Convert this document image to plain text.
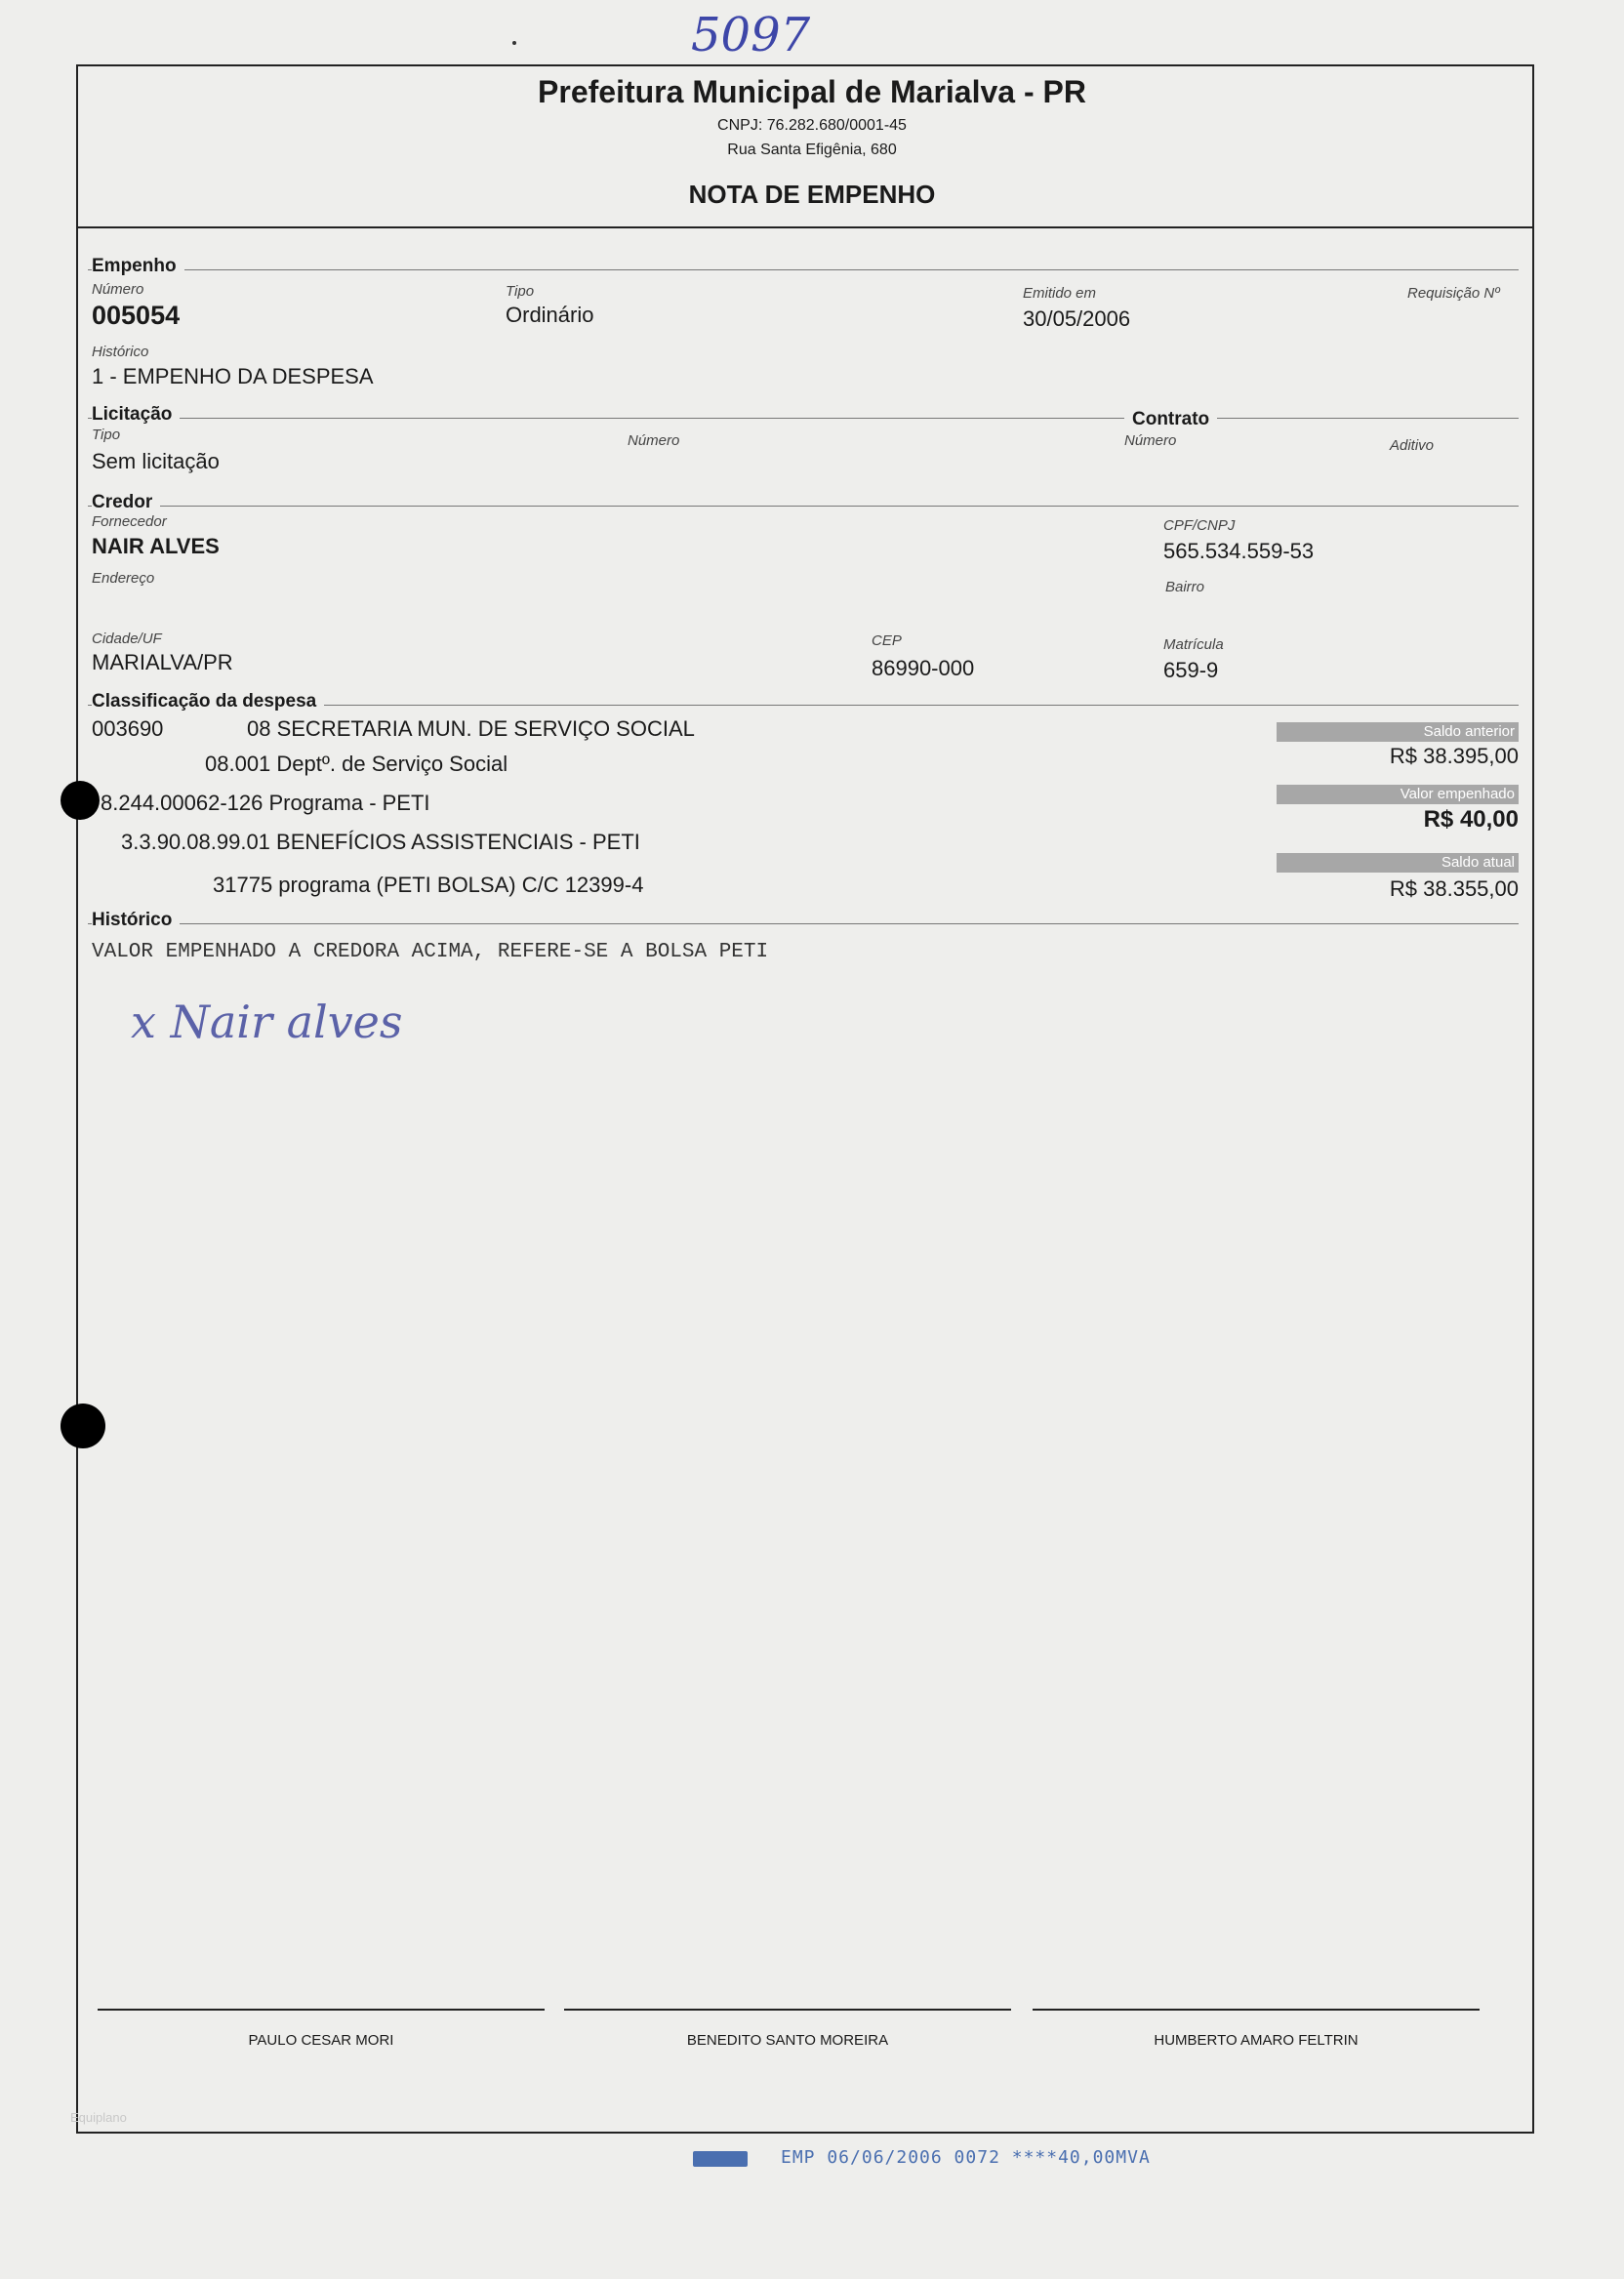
5097
Prefeitura Municipal de Marialva - PR
CNPJ: 76.282.680/0001-45
Rua Santa Efigênia, 680
NOTA DE EMPENHO
Empenho
Número
005054
Tipo
Ordinário
Emitido em
30/05/2006
Requisição Nº
Histórico
1 - EMPENHO DA DESPESA
Licitação	Contrato
Tipo
Sem licitação
Número	Número	Aditivo
Credor
Fornecedor
NAIR ALVES
CPF/CNPJ
565.534.559-53
Endereço
Bairro
Cidade/UF
MARIALVA/PR
CEP
86990-000
Matrícula
659-9
Classificação da despesa
003690	08 SECRETARIA MUN. DE SERVIÇO SOCIAL
08.001 Deptº. de Serviço Social
8.244.00062-126 Programa - PETI
3.3.90.08.99.01 BENEFÍCIOS ASSISTENCIAIS - PETI
31775 programa (PETI BOLSA) C/C 12399-4
Saldo anterior
R$ 38.395,00
Valor empenhado
R$ 40,00
Saldo atual
R$ 38.355,00
Histórico
VALOR EMPENHADO A CREDORA ACIMA, REFERE-SE A BOLSA PETI
x Nair alves
PAULO CESAR MORI	BENEDITO SANTO MOREIRA	HUMBERTO AMARO FELTRIN
Equiplano
EMP 06/06/2006 0072 ****40,00MVA
